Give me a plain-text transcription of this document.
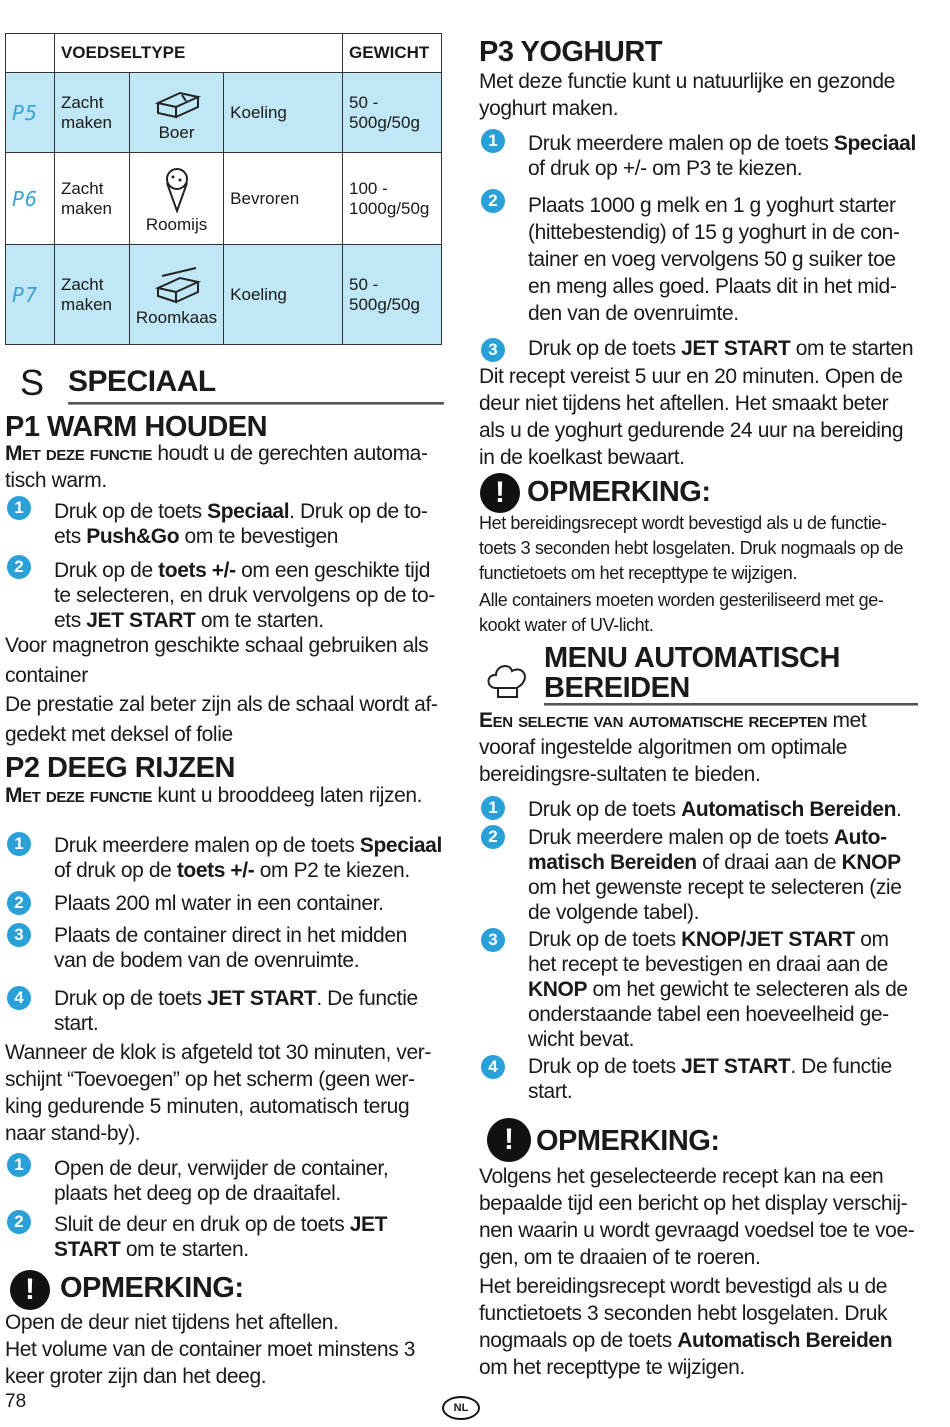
	VOEDSELTYPE			GEWICHT
P5	Zacht maken	Boer	Koeling	50 - 500g/50g
P6	Zacht maken	Roomijs	Bevroren	100 - 1000g/50g
P7	Zacht maken	Roomkaas	Koeling	50 - 500g/50g
S SPECIAAL
P1 WARM HOUDEN
Met deze functie houdt u de gerechten automa-tisch warm.
1	Druk op de toets Speciaal. Druk op de to-ets Push&Go om te bevestigen
2	Druk op de toets +/- om een geschikte tijd te selecteren, en druk vervolgens op de to-ets JET START om te starten.
Voor magnetron geschikte schaal gebruiken als container
De prestatie zal beter zijn als de schaal wordt af-gedekt met deksel of folie
P2 DEEG RIJZEN
Met deze functie kunt u brooddeeg laten rijzen.
1	Druk meerdere malen op de toets Speciaal of druk op de toets +/- om P2 te kiezen.
2	Plaats 200 ml water in een container.
3	Plaats de container direct in het midden van de bodem van de ovenruimte.
4	Druk op de toets JET START. De functie start.
Wanneer de klok is afgeteld tot 30 minuten, ver-schijnt “Toevoegen” op het scherm (geen wer-king gedurende 5 minuten, automatisch terug naar stand-by).
1	Open de deur, verwijder de container, plaats het deeg op de draaitafel.
2	Sluit de deur en druk op de toets JET START om te starten.
! OPMERKING:
Open de deur niet tijdens het aftellen.
Het volume van de container moet minstens 3 keer groter zijn dan het deeg.
P3 YOGHURT
Met deze functie kunt u natuurlijke en gezonde yoghurt maken.
1	Druk meerdere malen op de toets Speciaal of druk op +/- om P3 te kiezen.
2	Plaats 1000 g melk en 1 g yoghurt starter (hittebestendig) of 15 g yoghurt in de con-tainer en voeg vervolgens 50 g suiker toe en meng alles goed. Plaats dit in het mid-den van de ovenruimte.
3	Druk op de toets JET START om te starten
Dit recept vereist 5 uur en 20 minuten. Open de deur niet tijdens het aftellen. Het smaakt beter als u de yoghurt gedurende 24 uur na bereiding in de koelkast bewaart.
! OPMERKING:
Het bereidingsrecept wordt bevestigd als u de functie-toets 3 seconden hebt losgelaten. Druk nogmaals op de functietoets om het recepttype te wijzigen.
Alle containers moeten worden gesteriliseerd met ge-kookt water of UV-licht.
MENU AUTOMATISCH
BEREIDEN
Een selectie van automatische recepten met vooraf ingestelde algoritmen om optimale bereidingsre-sultaten te bieden.
1	Druk op de toets Automatisch Bereiden.
2	Druk meerdere malen op de toets Auto-matisch Bereiden of draai aan de KNOP om het gewenste recept te selecteren (zie de volgende tabel).
3	Druk op de toets KNOP/JET START om het recept te bevestigen en draai aan de KNOP om het gewicht te selecteren als de onderstaande tabel een hoeveelheid ge-wicht bevat.
4	Druk op de toets JET START. De functie start.
! OPMERKING:
Volgens het geselecteerde recept kan na een bepaalde tijd een bericht op het display verschij-nen waarin u wordt gevraagd voedsel toe te voe-gen, om te draaien of te roeren.
Het bereidingsrecept wordt bevestigd als u de functietoets 3 seconden hebt losgelaten. Druk nogmaals op de toets Automatisch Bereiden om het recepttype te wijzigen.
78	NL
